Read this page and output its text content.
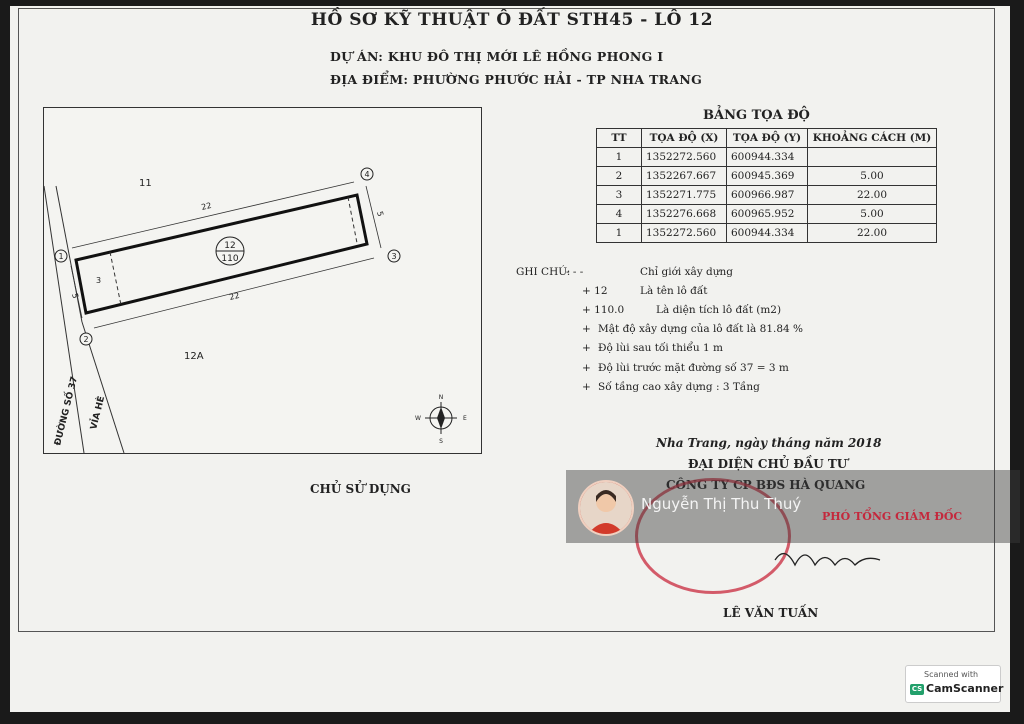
HỒ SƠ KỸ THUẬT Ô ĐẤT STH45 - LÔ 12
DỰ ÁN: KHU ĐÔ THỊ MỚI LÊ HỒNG PHONG I
ĐỊA ĐIỂM: PHƯỜNG PHƯỚC HẢI - TP NHA TRANG
11
12A
22
22
5
5
3
12
110
1
2
3
4
ĐƯỜNG SỐ 37 VỈA HÈ	N
S
E
W
BẢNG TỌA ĐỘ
TT	TỌA ĐỘ (X)	TỌA ĐỘ (Y)	KHOẢNG CÁCH (M)
1	1352272.560	600944.334	
2	1352267.667	600945.369	5.00
3	1352271.775	600966.987	22.00
4	1352276.668	600965.952	5.00
1	1352272.560	600944.334	22.00
GHI CHÚ:
- - -	Chỉ giới xây dựng
+ 12	Là tên lô đất
+ 110.0	Là diện tích lô đất (m2)
+ Mật độ xây dựng của lô đất là 81.84 %
+ Độ lùi sau tối thiểu 1 m
+ Độ lùi trước mặt đường số 37 = 3 m
+ Số tầng cao xây dựng : 3 Tầng
Nha Trang, ngày tháng năm 2018
ĐẠI DIỆN CHỦ ĐẦU TƯ
CÔNG TY CP BĐS HÀ QUANG
CHỦ SỬ DỤNG
Nguyễn Thị Thu Thuý
PHÓ TỔNG GIÁM ĐỐC
LÊ VĂN TUẤN
Scanned with
CS CamScanner
